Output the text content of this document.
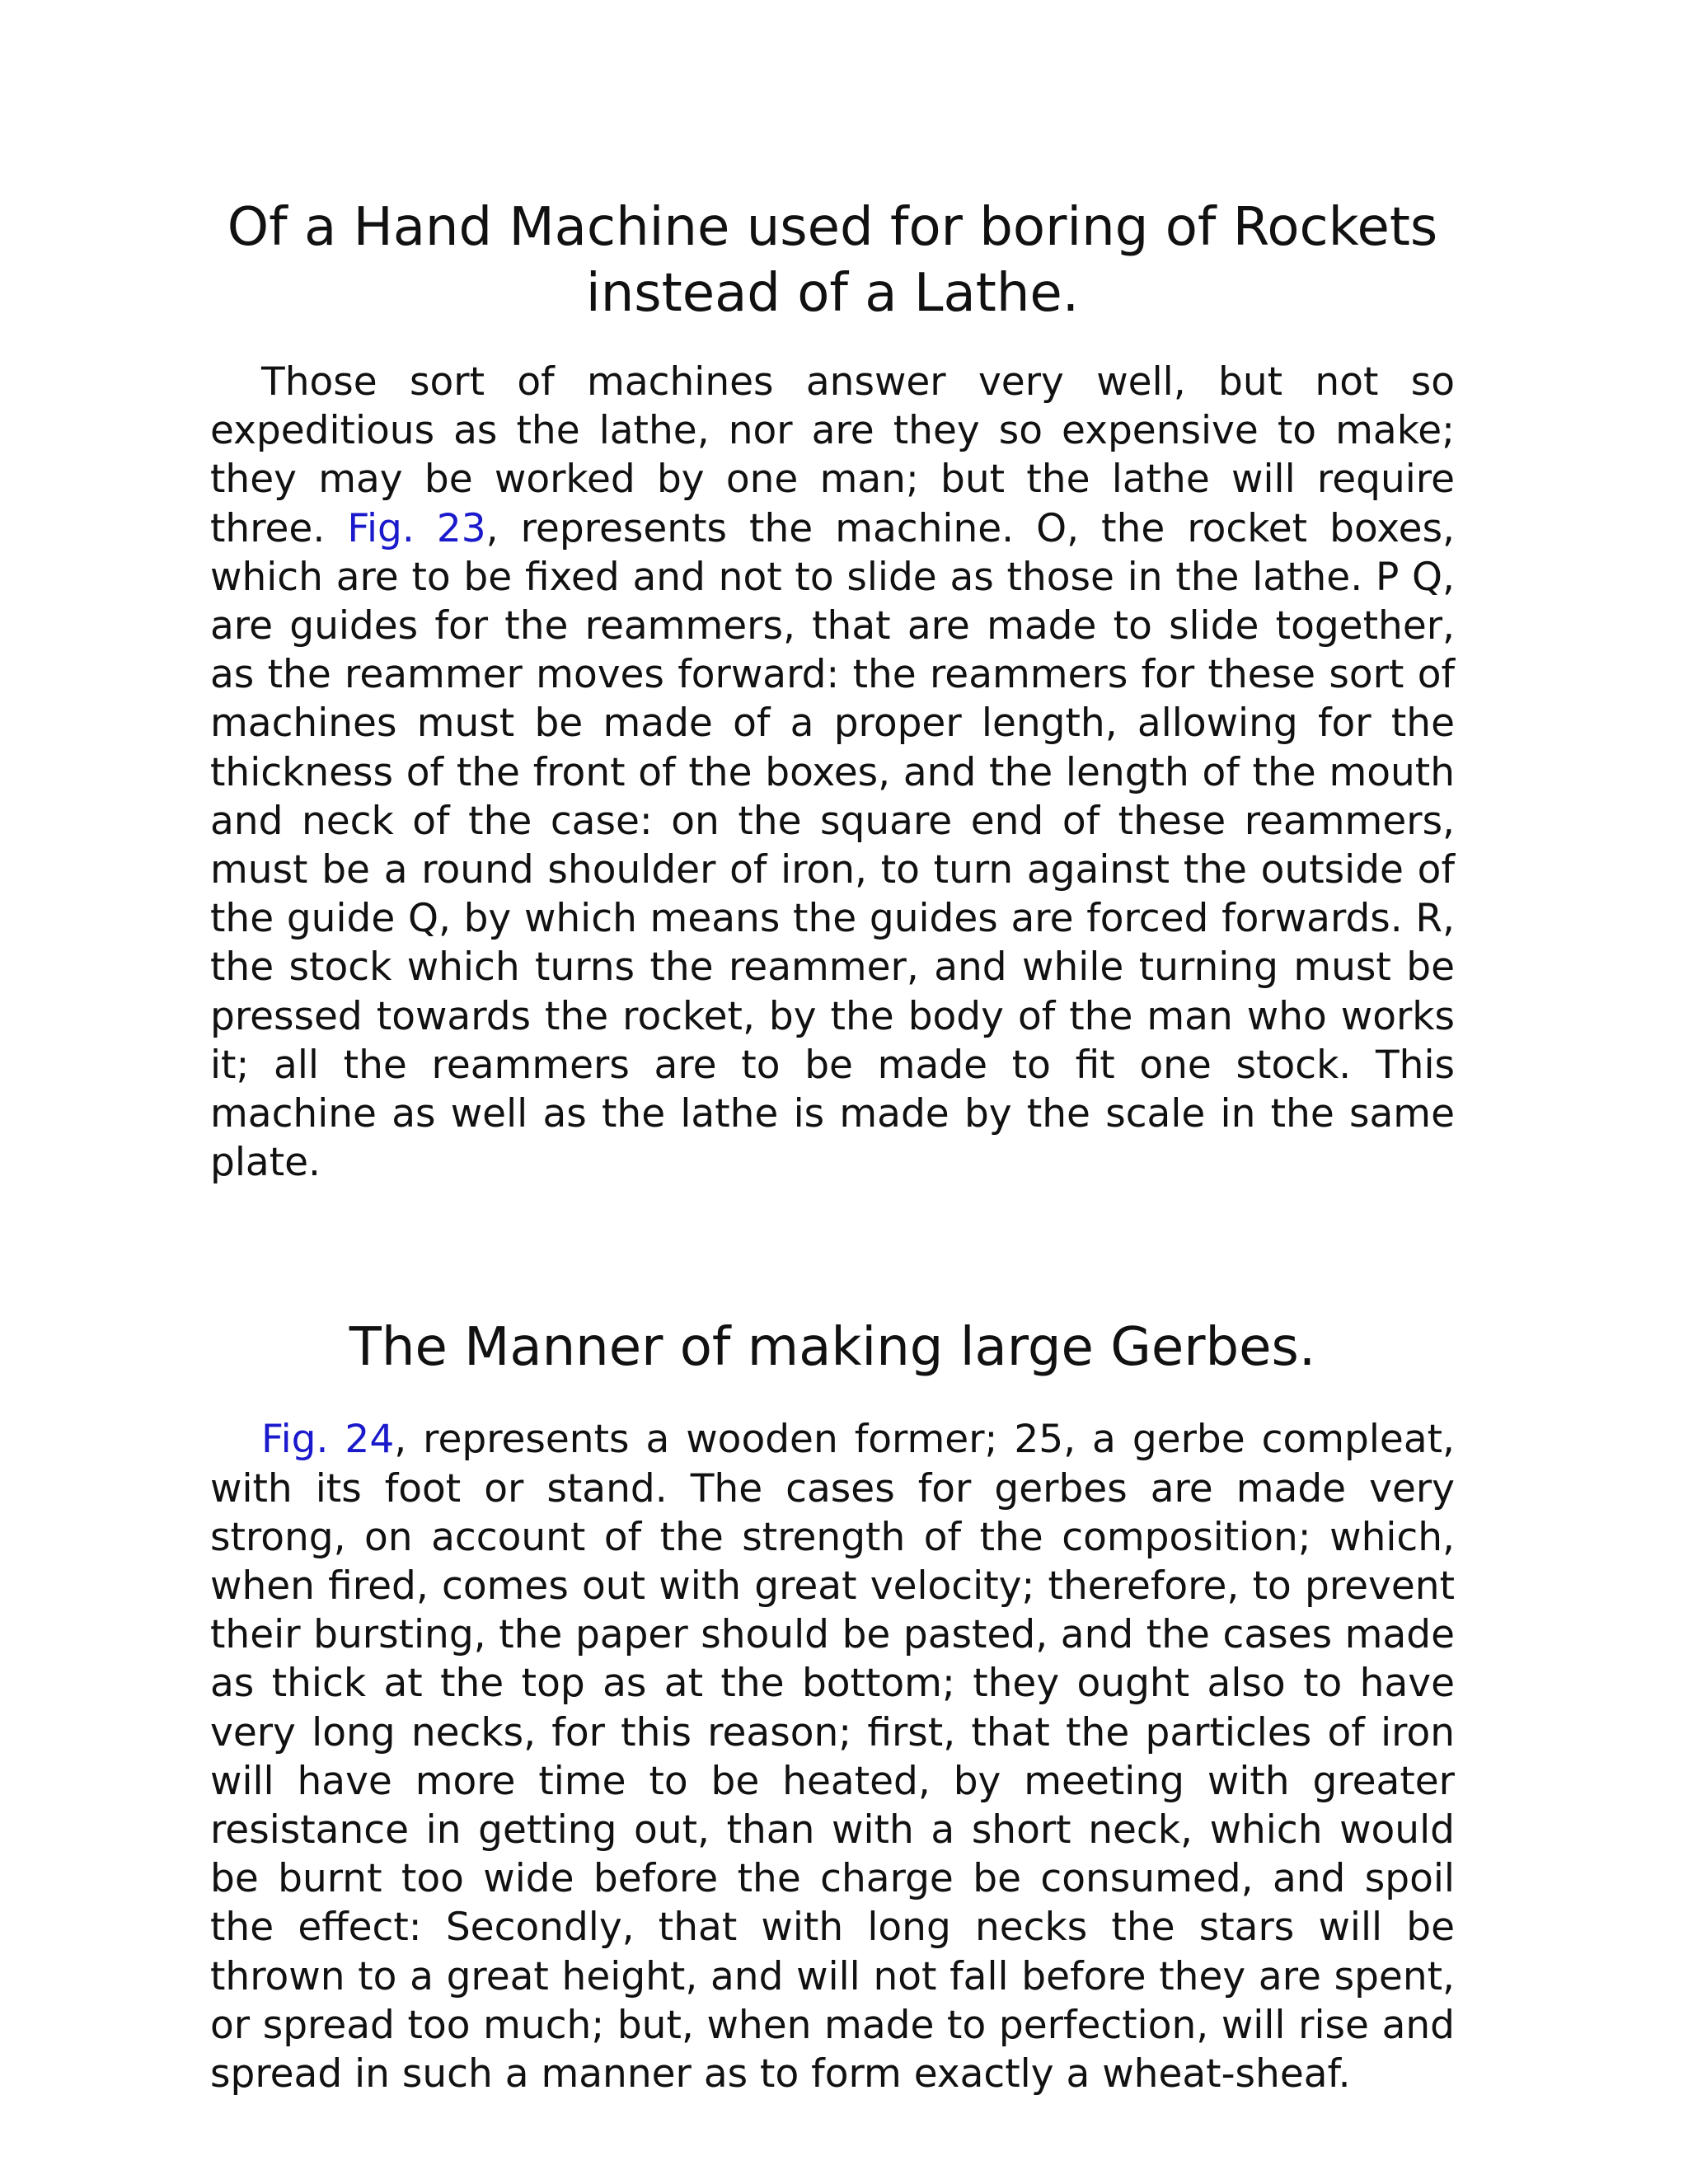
Of a Hand Machine used for boring of Rockets instead of a Lathe.

Those sort of machines answer very well, but not so expeditious as the lathe, nor are they so expensive to make; they may be worked by one man; but the lathe will require three. Fig. 23, represents the machine. O, the rocket boxes, which are to be fixed and not to slide as those in the lathe. P Q, are guides for the reammers, that are made to slide together, as the reammer moves forward: the reammers for these sort of machines must be made of a proper length, allowing for the thickness of the front of the boxes, and the length of the mouth and neck of the case: on the square end of these reammers, must be a round shoulder of iron, to turn against the outside of the guide Q, by which means the guides are forced forwards. R, the stock which turns the reammer, and while turning must be pressed towards the rocket, by the body of the man who works it; all the reammers are to be made to fit one stock. This machine as well as the lathe is made by the scale in the same plate.

The Manner of making large Gerbes.

Fig. 24, represents a wooden former; 25, a gerbe compleat, with its foot or stand. The cases for gerbes are made very strong, on account of the strength of the composition; which, when fired, comes out with great velocity; therefore, to prevent their bursting, the paper should be pasted, and the cases made as thick at the top as at the bottom; they ought also to have very long necks, for this reason; first, that the particles of iron will have more time to be heated, by meeting with greater resistance in getting out, than with a short neck, which would be burnt too wide before the charge be consumed, and spoil the effect: Secondly, that with long necks the stars will be thrown to a great height, and will not fall before they are spent, or spread too much; but, when made to perfection, will rise and spread in such a manner as to form exactly a wheat-sheaf.
